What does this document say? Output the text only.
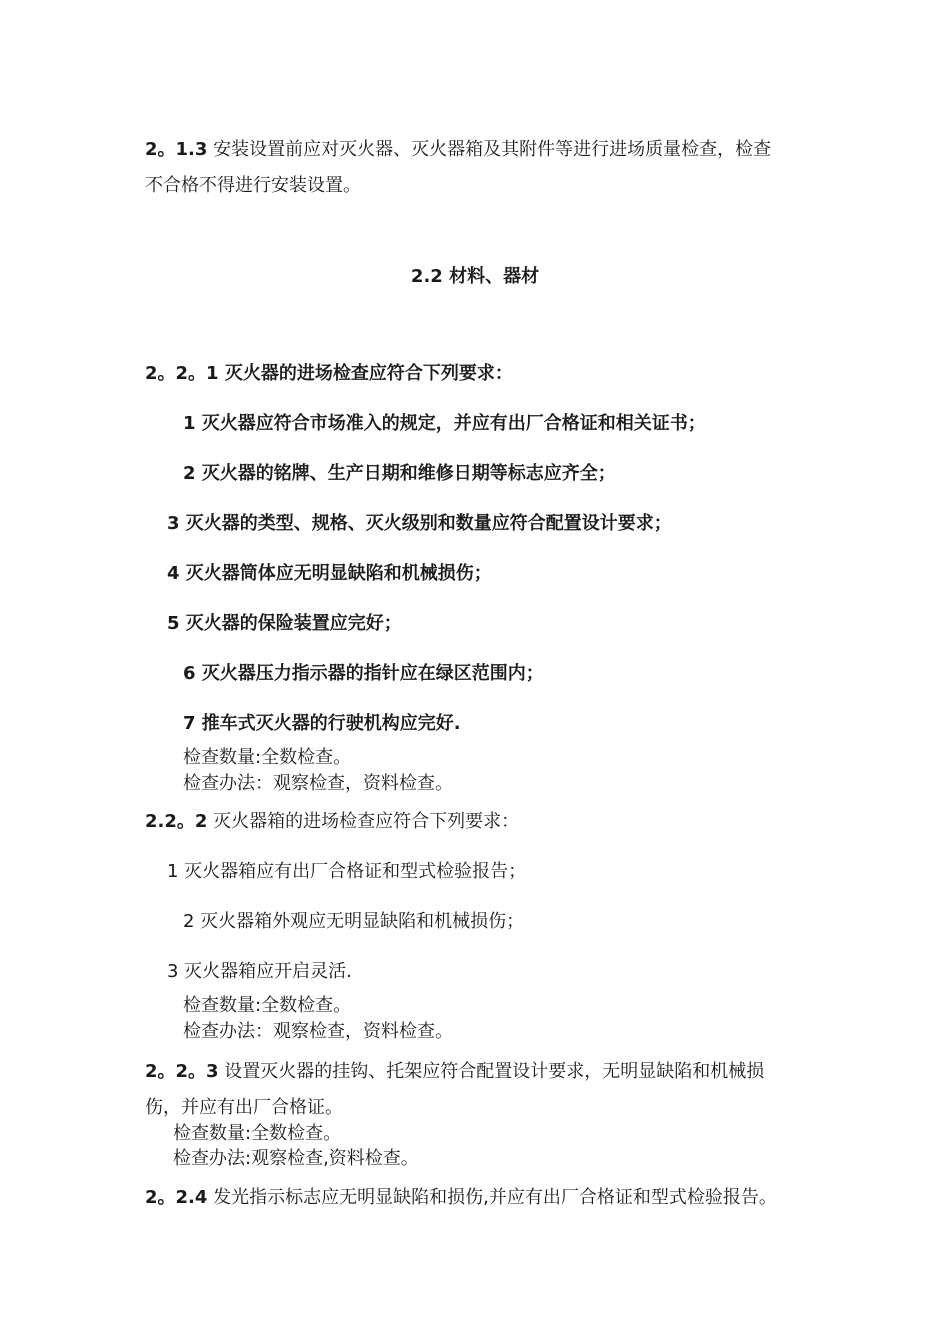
2。1.3 安装设置前应对灭火器、灭火器箱及其附件等进行进场质量检查，检查
不合格不得进行安装设置。
2.2 材料、器材
2。2。1 灭火器的进场检查应符合下列要求：
1 灭火器应符合市场准入的规定，并应有出厂合格证和相关证书；
2 灭火器的铭牌、生产日期和维修日期等标志应齐全；
3 灭火器的类型、规格、灭火级别和数量应符合配置设计要求；
4 灭火器筒体应无明显缺陷和机械损伤；
5 灭火器的保险装置应完好；
6 灭火器压力指示器的指针应在绿区范围内；
7 推车式灭火器的行驶机构应完好.
检查数量:全数检查。
检查办法：观察检查，资料检查。
2.2。2 灭火器箱的进场检查应符合下列要求：
1 灭火器箱应有出厂合格证和型式检验报告；
2 灭火器箱外观应无明显缺陷和机械损伤；
3 灭火器箱应开启灵活.
检查数量:全数检查。
检查办法：观察检查，资料检查。
2。2。3 设置灭火器的挂钩、托架应符合配置设计要求，无明显缺陷和机械损
伤，并应有出厂合格证。
检查数量:全数检查。
检查办法:观察检查,资料检查。
2。2.4 发光指示标志应无明显缺陷和损伤,并应有出厂合格证和型式检验报告。
